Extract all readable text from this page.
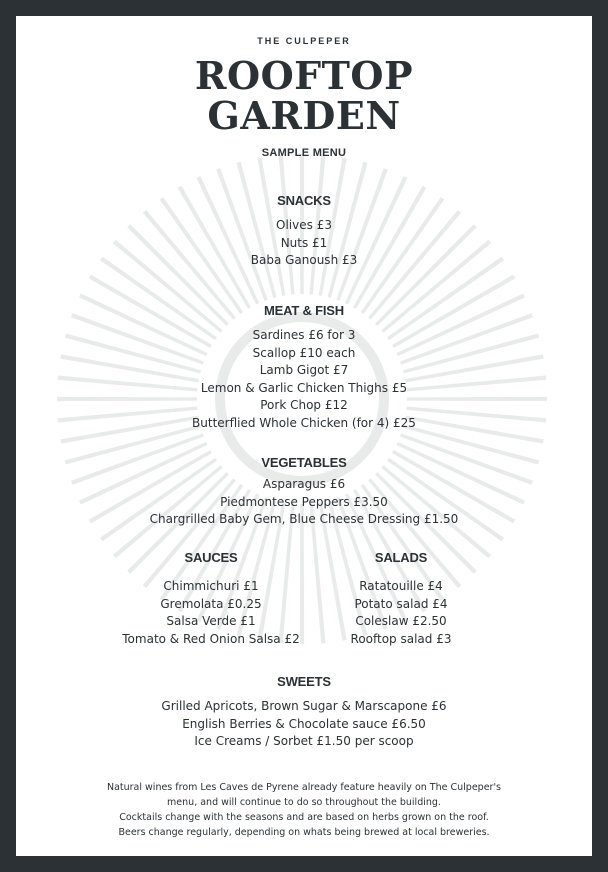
THE CULPEPER
ROOFTOP
GARDEN
SAMPLE MENU
SNACKS
Olives £3
Nuts £1
Baba Ganoush £3
MEAT & FISH
Sardines £6 for 3
Scallop £10 each
Lamb Gigot £7
Lemon & Garlic Chicken Thighs £5
Pork Chop £12
Butterflied Whole Chicken (for 4) £25
VEGETABLES
Asparagus £6
Piedmontese Peppers £3.50
Chargrilled Baby Gem, Blue Cheese Dressing £1.50
SAUCES
Chimmichuri £1
Gremolata £0.25
Salsa Verde £1
Tomato & Red Onion Salsa £2
SALADS
Ratatouille £4
Potato salad £4
Coleslaw £2.50
Rooftop salad £3
SWEETS
Grilled Apricots, Brown Sugar & Marscapone £6
English Berries & Chocolate sauce £6.50
Ice Creams / Sorbet £1.50 per scoop
Natural wines from Les Caves de Pyrene already feature heavily on The Culpeper's
menu, and will continue to do so throughout the building.
Cocktails change with the seasons and are based on herbs grown on the roof.
Beers change regularly, depending on whats being brewed at local breweries.
